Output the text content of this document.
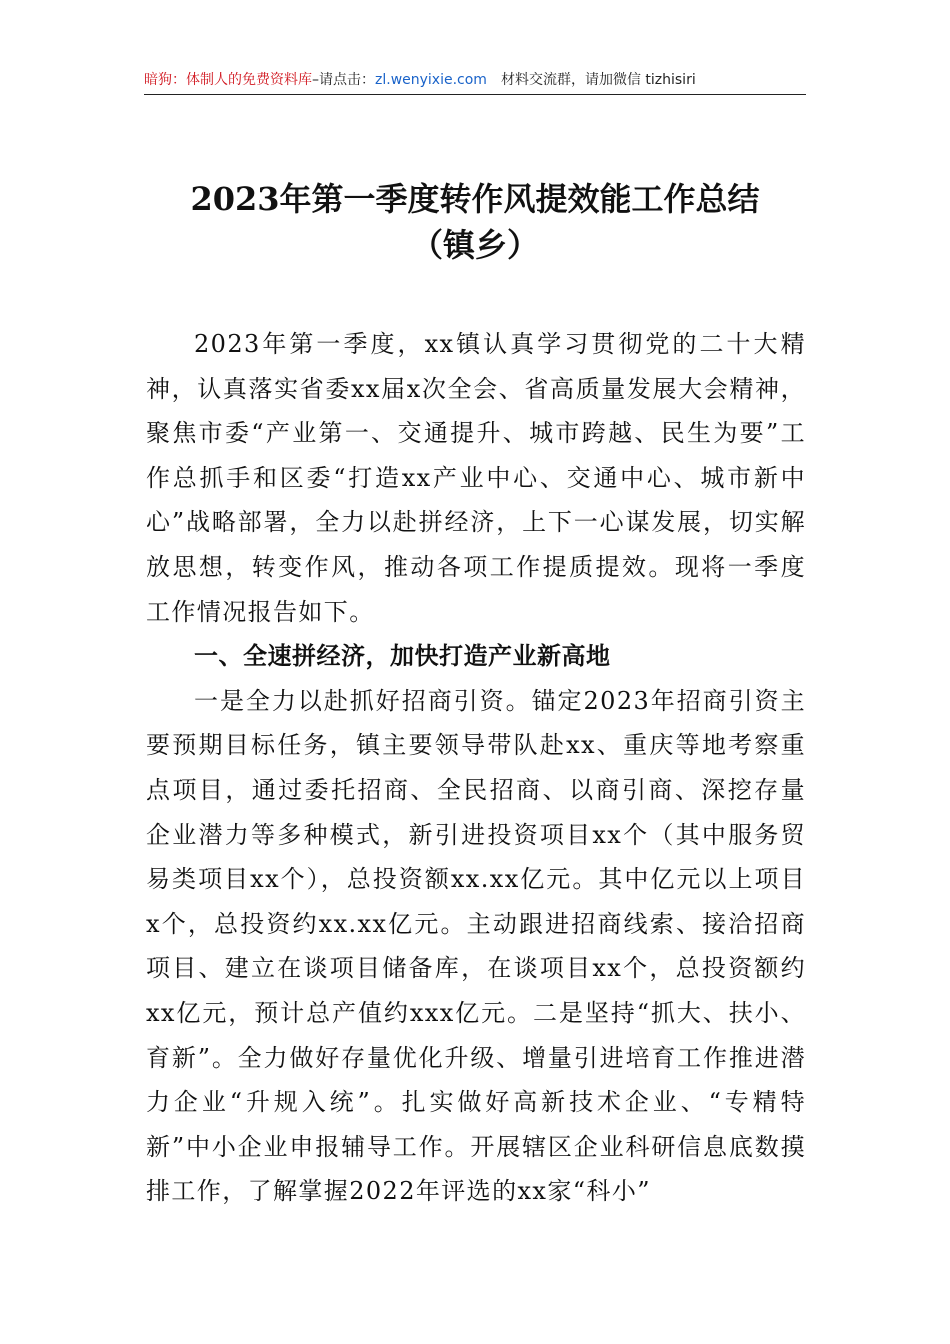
暗狗：体制人的免费资料库–请点击：zl.wenyixie.com 材料交流群，请加微信 tizhisiri
2023年第一季度转作风提效能工作总结
（镇乡）

2023年第一季度，xx镇认真学习贯彻党的二十大精神，认真落实省委xx届x次全会、省高质量发展大会精神，聚焦市委“产业第一、交通提升、城市跨越、民生为要”工作总抓手和区委“打造xx产业中心、交通中心、城市新中心”战略部署，全力以赴拼经济，上下一心谋发展，切实解放思想，转变作风，推动各项工作提质提效。现将一季度工作情况报告如下。

一、全速拼经济，加快打造产业新高地

一是全力以赴抓好招商引资。锚定2023年招商引资主要预期目标任务，镇主要领导带队赴xx、重庆等地考察重点项目，通过委托招商、全民招商、以商引商、深挖存量企业潜力等多种模式，新引进投资项目xx个（其中服务贸易类项目xx个），总投资额xx.xx亿元。其中亿元以上项目x个，总投资约xx.xx亿元。主动跟进招商线索、接洽招商项目、建立在谈项目储备库，在谈项目xx个，总投资额约xx亿元，预计总产值约xxx亿元。二是坚持“抓大、扶小、育新”。全力做好存量优化升级、增量引进培育工作推进潜力企业“升规入统”。扎实做好高新技术企业、“专精特新”中小企业申报辅导工作。开展辖区企业科研信息底数摸排工作，了解掌握2022年评选的xx家“科小”
